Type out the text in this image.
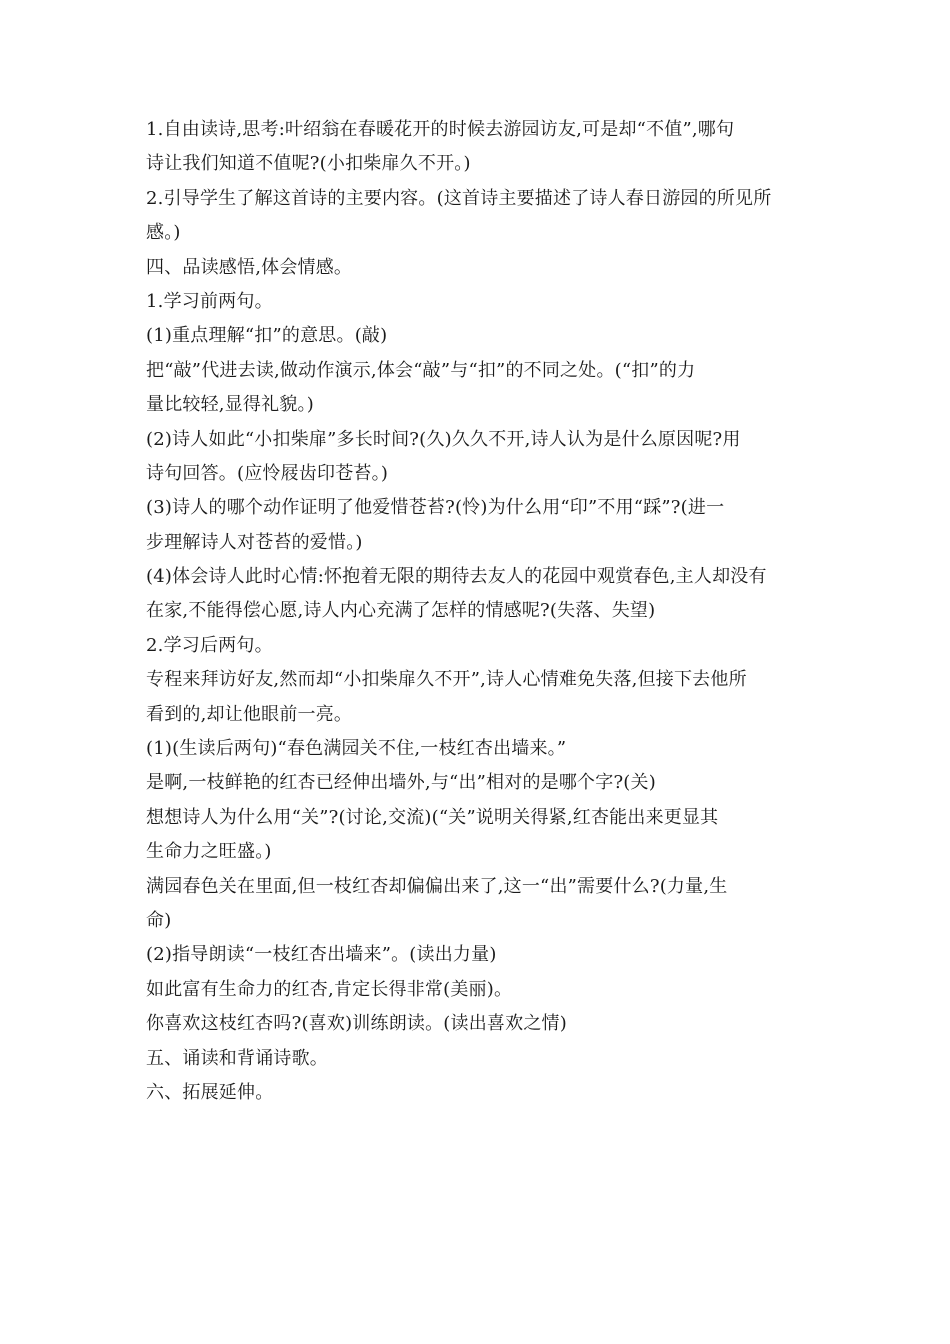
1.自由读诗,思考:叶绍翁在春暖花开的时候去游园访友,可是却“不值”,哪句
诗让我们知道不值呢?(小扣柴扉久不开。)
2.引导学生了解这首诗的主要内容。(这首诗主要描述了诗人春日游园的所见所
感。)
四、品读感悟,体会情感。
1.学习前两句。
(1)重点理解“扣”的意思。(敲)
把“敲”代进去读,做动作演示,体会“敲”与“扣”的不同之处。(“扣”的力
量比较轻,显得礼貌。)
(2)诗人如此“小扣柴扉”多长时间?(久)久久不开,诗人认为是什么原因呢?用
诗句回答。(应怜屐齿印苍苔。)
(3)诗人的哪个动作证明了他爱惜苍苔?(怜)为什么用“印”不用“踩”?(进一
步理解诗人对苍苔的爱惜。)
(4)体会诗人此时心情:怀抱着无限的期待去友人的花园中观赏春色,主人却没有
在家,不能得偿心愿,诗人内心充满了怎样的情感呢?(失落、失望)
2.学习后两句。
专程来拜访好友,然而却“小扣柴扉久不开”,诗人心情难免失落,但接下去他所
看到的,却让他眼前一亮。
(1)(生读后两句)“春色满园关不住,一枝红杏出墙来。”
是啊,一枝鲜艳的红杏已经伸出墙外,与“出”相对的是哪个字?(关)
想想诗人为什么用“关”?(讨论,交流)(“关”说明关得紧,红杏能出来更显其
生命力之旺盛。)
满园春色关在里面,但一枝红杏却偏偏出来了,这一“出”需要什么?(力量,生
命)
(2)指导朗读“一枝红杏出墙来”。(读出力量)
如此富有生命力的红杏,肯定长得非常(美丽)。
你喜欢这枝红杏吗?(喜欢)训练朗读。(读出喜欢之情)
五、诵读和背诵诗歌。
六、拓展延伸。
